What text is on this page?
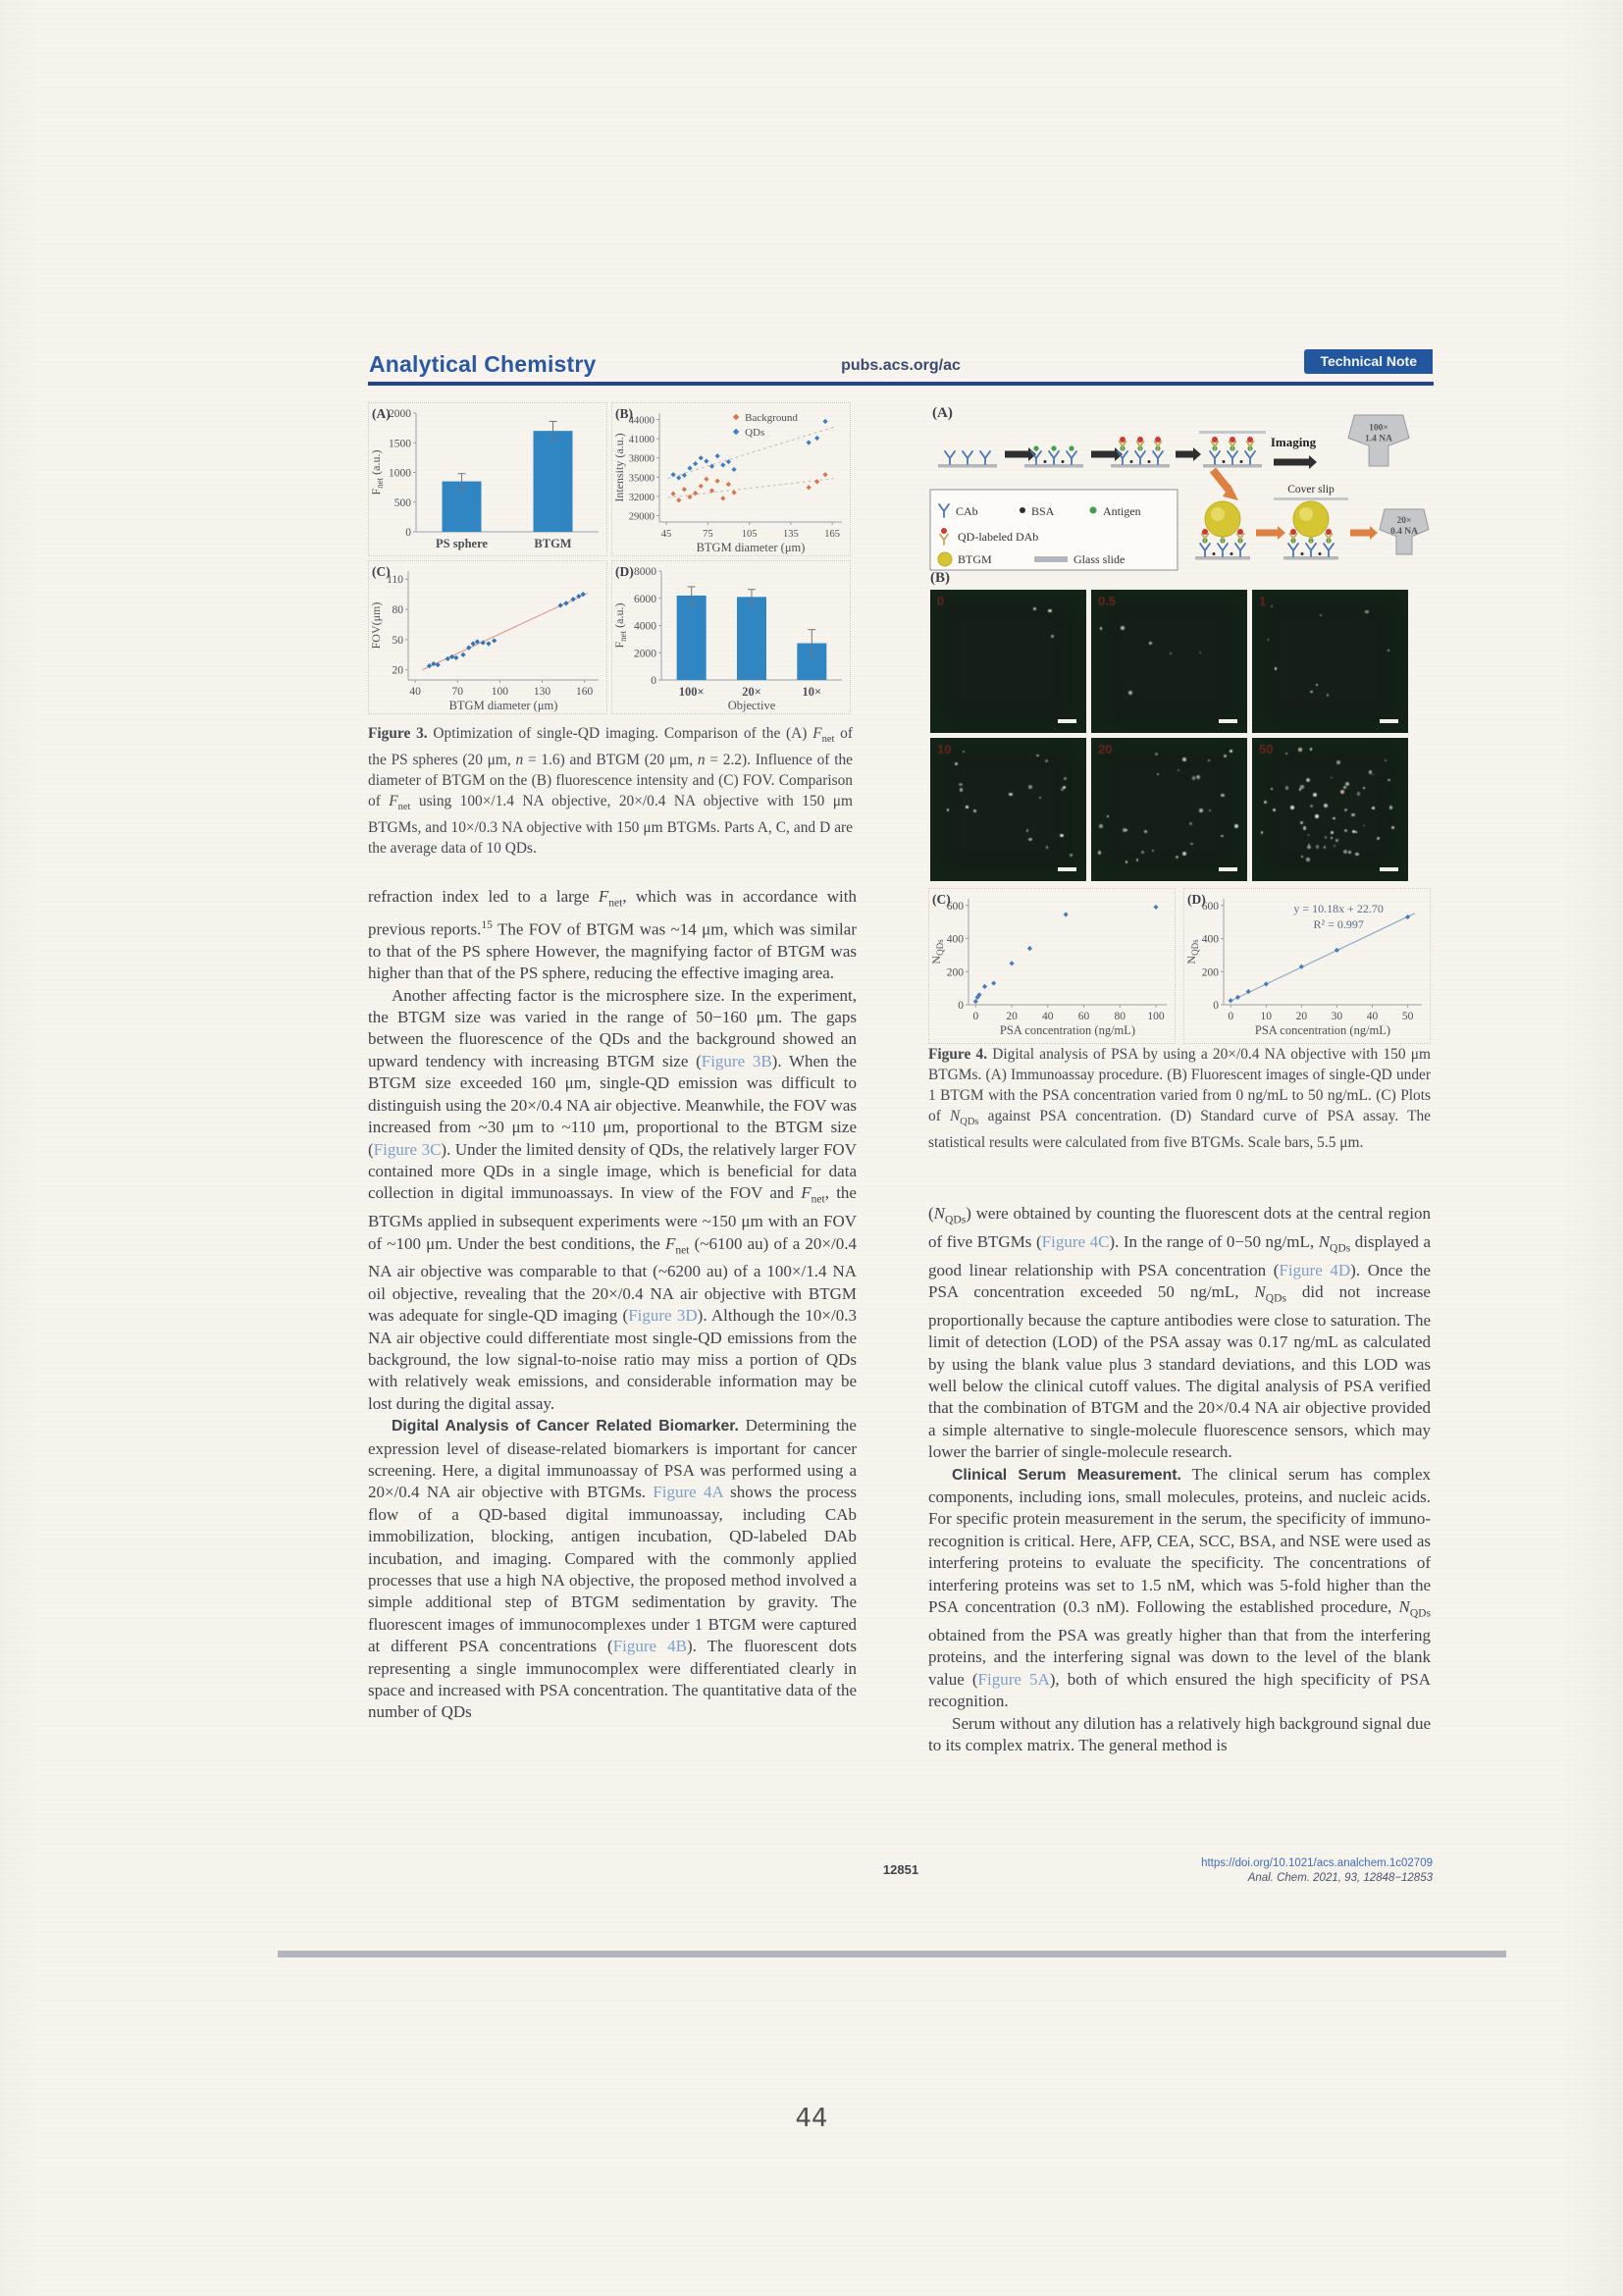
Analytical Chemistry	pubs.acs.org/ac	Technical Note
0
500
1000
1500
2000
PS sphere	BTGM
$F_{net}$ (a.u.)
(A)
29000
32000
35000
38000
41000
44000
45	75	105	135	165
Background
QDs
BTGM diameter (μm)
Intensity (a.u.)
(B)
20
50
80
110
40	70 100 130 160
BTGM diameter (μm)
FOV(μm)
(C)
0
2000
4000
6000
8000
100×	20×	10×
Objective
$F_{net}$ (a.u.)
(D)
Figure 3. Optimization of single-QD imaging. Comparison of the (A) $F_{net}$ of the PS spheres (20 μm, n = 1.6) and BTGM (20 μm, n = 2.2). Influence of the diameter of BTGM on the (B) fluorescence intensity and (C) FOV. Comparison of $F_{net}$ using 100×/1.4 NA objective, 20×/0.4 NA objective with 150 μm BTGMs, and 10×/0.3 NA objective with 150 μm BTGMs. Parts A, C, and D are the average data of 10 QDs.

refraction index led to a large $F_{net}$, which was in accordance with previous reports.$^{15}$ The FOV of BTGM was ~14 μm, which was similar to that of the PS sphere However, the magnifying factor of BTGM was higher than that of the PS sphere, reducing the effective imaging area.

Another affecting factor is the microsphere size. In the experiment, the BTGM size was varied in the range of 50−160 μm. The gaps between the fluorescence of the QDs and the background showed an upward tendency with increasing BTGM size (Figure 3B). When the BTGM size exceeded 160 μm, single-QD emission was difficult to distinguish using the 20×/0.4 NA air objective. Meanwhile, the FOV was increased from ~30 μm to ~110 μm, proportional to the BTGM size (Figure 3C). Under the limited density of QDs, the relatively larger FOV contained more QDs in a single image, which is beneficial for data collection in digital immunoassays. In view of the FOV and $F_{net}$, the BTGMs applied in subsequent experiments were ~150 μm with an FOV of ~100 μm. Under the best conditions, the $F_{net}$ (~6100 au) of a 20×/0.4 NA air objective was comparable to that (~6200 au) of a 100×/1.4 NA oil objective, revealing that the 20×/0.4 NA air objective with BTGM was adequate for single-QD imaging (Figure 3D). Although the 10×/0.3 NA air objective could differentiate most single-QD emissions from the background, the low signal-to-noise ratio may miss a portion of QDs with relatively weak emissions, and considerable information may be lost during the digital assay.

Digital Analysis of Cancer Related Biomarker. Determining the expression level of disease-related biomarkers is important for cancer screening. Here, a digital immunoassay of PSA was performed using a 20×/0.4 NA air objective with BTGMs. Figure 4A shows the process flow of a QD-based digital immunoassay, including CAb immobilization, blocking, antigen incubation, QD-labeled DAb incubation, and imaging. Compared with the commonly applied processes that use a high NA objective, the proposed method involved a simple additional step of BTGM sedimentation by gravity. The fluorescent images of immunocomplexes under 1 BTGM were captured at different PSA concentrations (Figure 4B). The fluorescent dots representing a single immunocomplex were differentiated clearly in space and increased with PSA concentration. The quantitative data of the number of QDs

(A)
Imaging
100×
1.4 NA
Cover slip
20×
0.4 NA
CAb	BSA	Antigen
QD-labeled DAb
BTGM	Glass slide
(B)
0	0.5	1
10	20	50
0
200
400
600
0 20 40 60 80 100
PSA concentration (ng/mL)
$N_{QDs}$
(C)
0
200
400
600
0 10 20 30 40 50
y = 10.18x + 22.70
R² = 0.997
PSA concentration (ng/mL)
$N_{QDs}$
(D)
Figure 4. Digital analysis of PSA by using a 20×/0.4 NA objective with 150 μm BTGMs. (A) Immunoassay procedure. (B) Fluorescent images of single-QD under 1 BTGM with the PSA concentration varied from 0 ng/mL to 50 ng/mL. (C) Plots of $N_{QDs}$ against PSA concentration. (D) Standard curve of PSA assay. The statistical results were calculated from five BTGMs. Scale bars, 5.5 μm.

$(N_{QDs})$ were obtained by counting the fluorescent dots at the central region of five BTGMs (Figure 4C). In the range of 0−50 ng/mL, $N_{QDs}$ displayed a good linear relationship with PSA concentration (Figure 4D). Once the PSA concentration exceeded 50 ng/mL, $N_{QDs}$ did not increase proportionally because the capture antibodies were close to saturation. The limit of detection (LOD) of the PSA assay was 0.17 ng/mL as calculated by using the blank value plus 3 standard deviations, and this LOD was well below the clinical cutoff values. The digital analysis of PSA verified that the combination of BTGM and the 20×/0.4 NA air objective provided a simple alternative to single-molecule fluorescence sensors, which may lower the barrier of single-molecule research.

Clinical Serum Measurement. The clinical serum has complex components, including ions, small molecules, proteins, and nucleic acids. For specific protein measurement in the serum, the specificity of immuno-recognition is critical. Here, AFP, CEA, SCC, BSA, and NSE were used as interfering proteins to evaluate the specificity. The concentrations of interfering proteins was set to 1.5 nM, which was 5-fold higher than the PSA concentration (0.3 nM). Following the established procedure, $N_{QDs}$ obtained from the PSA was greatly higher than that from the interfering proteins, and the interfering signal was down to the level of the blank value (Figure 5A), both of which ensured the high specificity of PSA recognition.

Serum without any dilution has a relatively high background signal due to its complex matrix. The general method is

12851	https://doi.org/10.1021/acs.analchem.1c02709
Anal. Chem. 2021, 93, 12848−12853
44
